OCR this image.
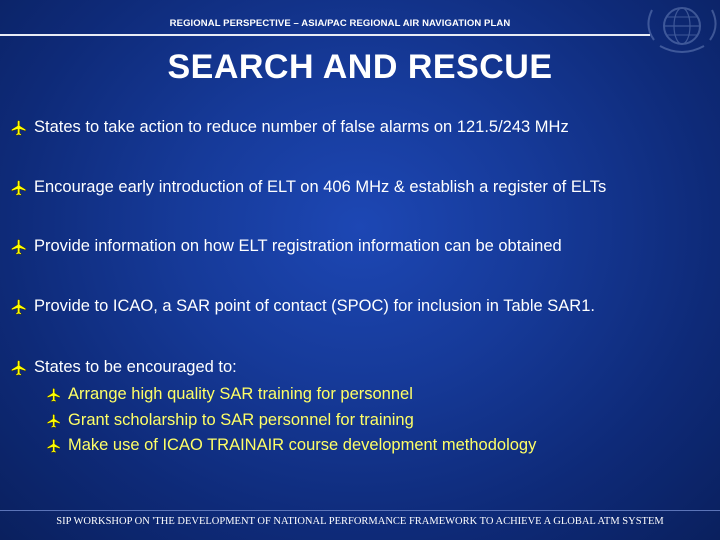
REGIONAL PERSPECTIVE – ASIA/PAC REGIONAL AIR NAVIGATION PLAN
SEARCH AND RESCUE
States to take action to reduce number of false alarms on 121.5/243 MHz
Encourage early introduction of ELT on 406 MHz & establish a register of ELTs
Provide information on how ELT registration information can be obtained
Provide to ICAO, a SAR point of contact (SPOC) for inclusion in Table SAR1.
States to be encouraged to:
Arrange high quality SAR training for personnel
Grant scholarship to SAR personnel for training
Make use of ICAO TRAINAIR course development methodology
SIP WORKSHOP ON 'THE DEVELOPMENT OF NATIONAL PERFORMANCE FRAMEWORK TO ACHIEVE A GLOBAL ATM SYSTEM
